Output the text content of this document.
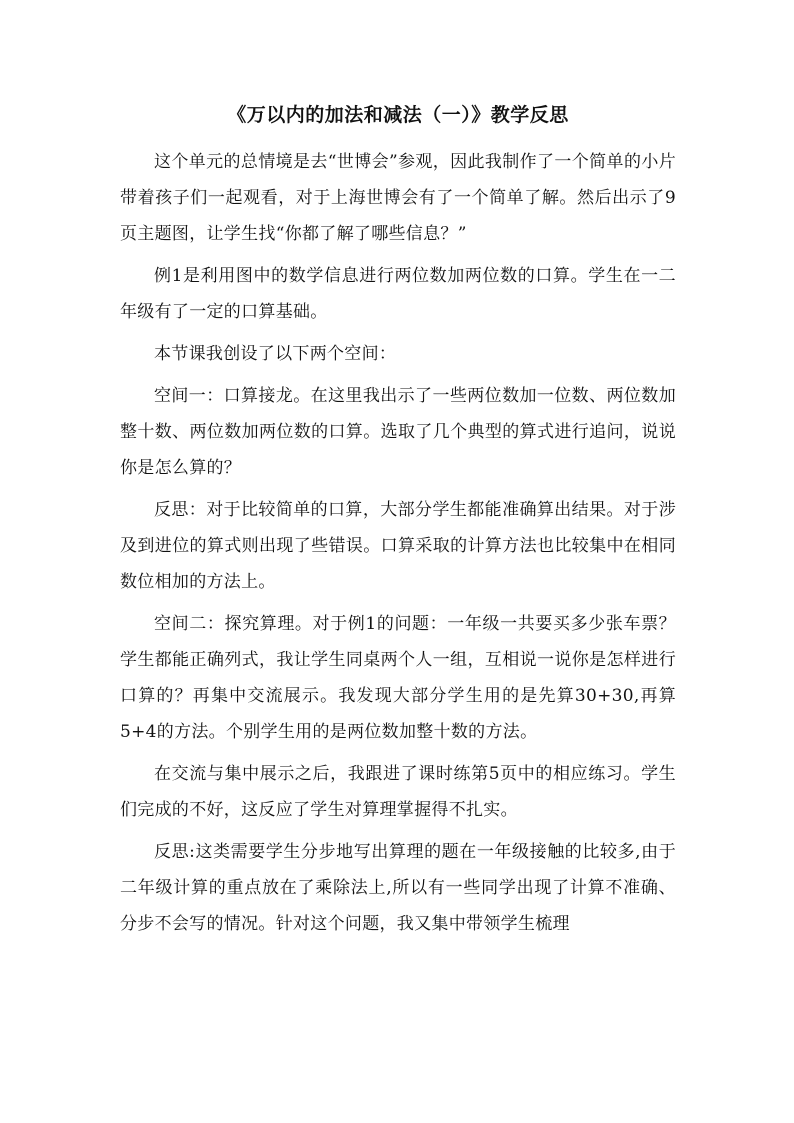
《万以内的加法和减法（一）》教学反思

这个单元的总情境是去“世博会”参观，因此我制作了一个简单的小片带着孩子们一起观看，对于上海世博会有了一个简单了解。然后出示了9页主题图，让学生找“你都了解了哪些信息？”

例1是利用图中的数学信息进行两位数加两位数的口算。学生在一二年级有了一定的口算基础。

本节课我创设了以下两个空间：

空间一：口算接龙。在这里我出示了一些两位数加一位数、两位数加整十数、两位数加两位数的口算。选取了几个典型的算式进行追问，说说你是怎么算的？

反思：对于比较简单的口算，大部分学生都能准确算出结果。对于涉及到进位的算式则出现了些错误。口算采取的计算方法也比较集中在相同数位相加的方法上。

空间二：探究算理。对于例1的问题：一年级一共要买多少张车票？学生都能正确列式，我让学生同桌两个人一组，互相说一说你是怎样进行口算的？再集中交流展示。我发现大部分学生用的是先算30+30,再算5+4的方法。个别学生用的是两位数加整十数的方法。

在交流与集中展示之后，我跟进了课时练第5页中的相应练习。学生们完成的不好，这反应了学生对算理掌握得不扎实。

反思:这类需要学生分步地写出算理的题在一年级接触的比较多,由于二年级计算的重点放在了乘除法上,所以有一些同学出现了计算不准确、分步不会写的情况。针对这个问题，我又集中带领学生梳理
